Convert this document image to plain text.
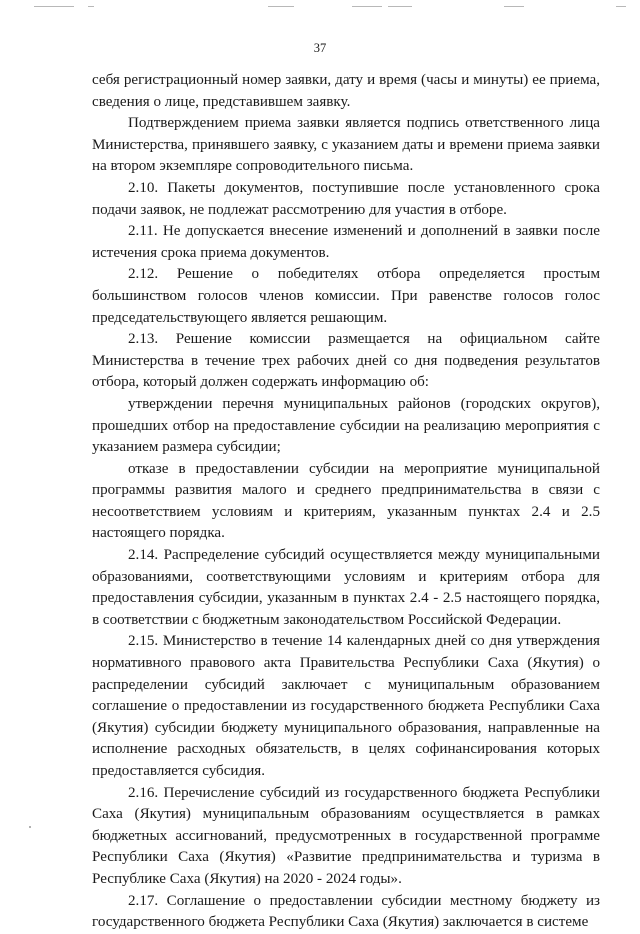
37

себя регистрационный номер заявки, дату и время (часы и минуты) ее приема, сведения о лице, представившем заявку.

Подтверждением приема заявки является подпись ответственного лица Министерства, принявшего заявку, с указанием даты и времени приема заявки на втором экземпляре сопроводительного письма.

2.10. Пакеты документов, поступившие после установленного срока подачи заявок, не подлежат рассмотрению для участия в отборе.

2.11. Не допускается внесение изменений и дополнений в заявки после истечения срока приема документов.

2.12. Решение о победителях отбора определяется простым большинством голосов членов комиссии. При равенстве голосов голос председательствующего является решающим.

2.13. Решение комиссии размещается на официальном сайте Министерства в течение трех рабочих дней со дня подведения результатов отбора, который должен содержать информацию об:

утверждении перечня муниципальных районов (городских округов), прошедших отбор на предоставление субсидии на реализацию мероприятия с указанием размера субсидии;

отказе в предоставлении субсидии на мероприятие муниципальной программы развития малого и среднего предпринимательства в связи с несоответствием условиям и критериям, указанным пунктах 2.4 и 2.5 настоящего порядка.

2.14. Распределение субсидий осуществляется между муниципальными образованиями, соответствующими условиям и критериям отбора для предоставления субсидии, указанным в пунктах 2.4 - 2.5 настоящего порядка, в соответствии с бюджетным законодательством Российской Федерации.

2.15. Министерство в течение 14 календарных дней со дня утверждения нормативного правового акта Правительства Республики Саха (Якутия) о распределении субсидий заключает с муниципальным образованием соглашение о предоставлении из государственного бюджета Республики Саха (Якутия) субсидии бюджету муниципального образования, направленные на исполнение расходных обязательств, в целях софинансирования которых предоставляется субсидия.

2.16. Перечисление субсидий из государственного бюджета Республики Саха (Якутия) муниципальным образованиям осуществляется в рамках бюджетных ассигнований, предусмотренных в государственной программе Республики Саха (Якутия) «Развитие предпринимательства и туризма в Республике Саха (Якутия) на 2020 - 2024 годы».

2.17. Соглашение о предоставлении субсидии местному бюджету из государственного бюджета Республики Саха (Якутия) заключается в системе
